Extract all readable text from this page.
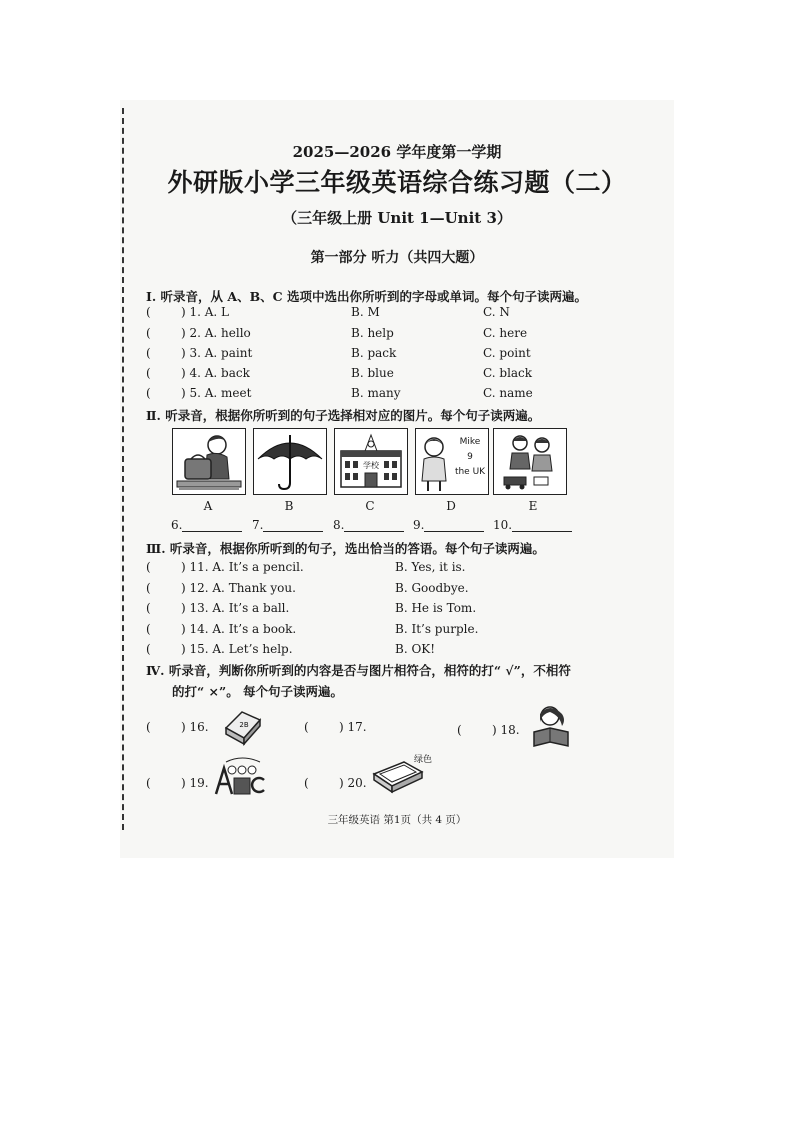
2025—2026 学年度第一学期
外研版小学三年级英语综合练习题（二）
（三年级上册 Unit 1—Unit 3）
第一部分 听力（共四大题）
Ⅰ. 听录音，从 A、B、C 选项中选出你所听到的字母或单词。每个句子读两遍。
(	) 1. A. L	B. M	C. N
(	) 2. A. hello	B. help	C. here
(	) 3. A. paint	B. pack	C. point
(	) 4. A. back	B. blue	C. black
(	) 5. A. meet	B. many	C. name
Ⅱ. 听录音，根据你所听到的句子选择相对应的图片。每个句子读两遍。
学校
Mike
9
the UK
A	B	C	D	E
6.	7.	8.	9.	10.
Ⅲ. 听录音，根据你所听到的句子，选出恰当的答语。每个句子读两遍。
(	) 11. A. It’s a pencil.	B. Yes, it is.
(	) 12. A. Thank you.	B. Goodbye.
(	) 13. A. It’s a ball.	B. He is Tom.
(	) 14. A. It’s a book.	B. It’s purple.
(	) 15. A. Let’s help.	B. OK!
Ⅳ. 听录音，判断你所听到的内容是否与图片相符合，相符的打“ √”，不相符
的打“ ×”。 每个句子读两遍。
(	) 16.	2B	(	) 17.	(	) 18.
(	) 19.	(	) 20.
绿色
三年级英语 第1页（共 4 页）
